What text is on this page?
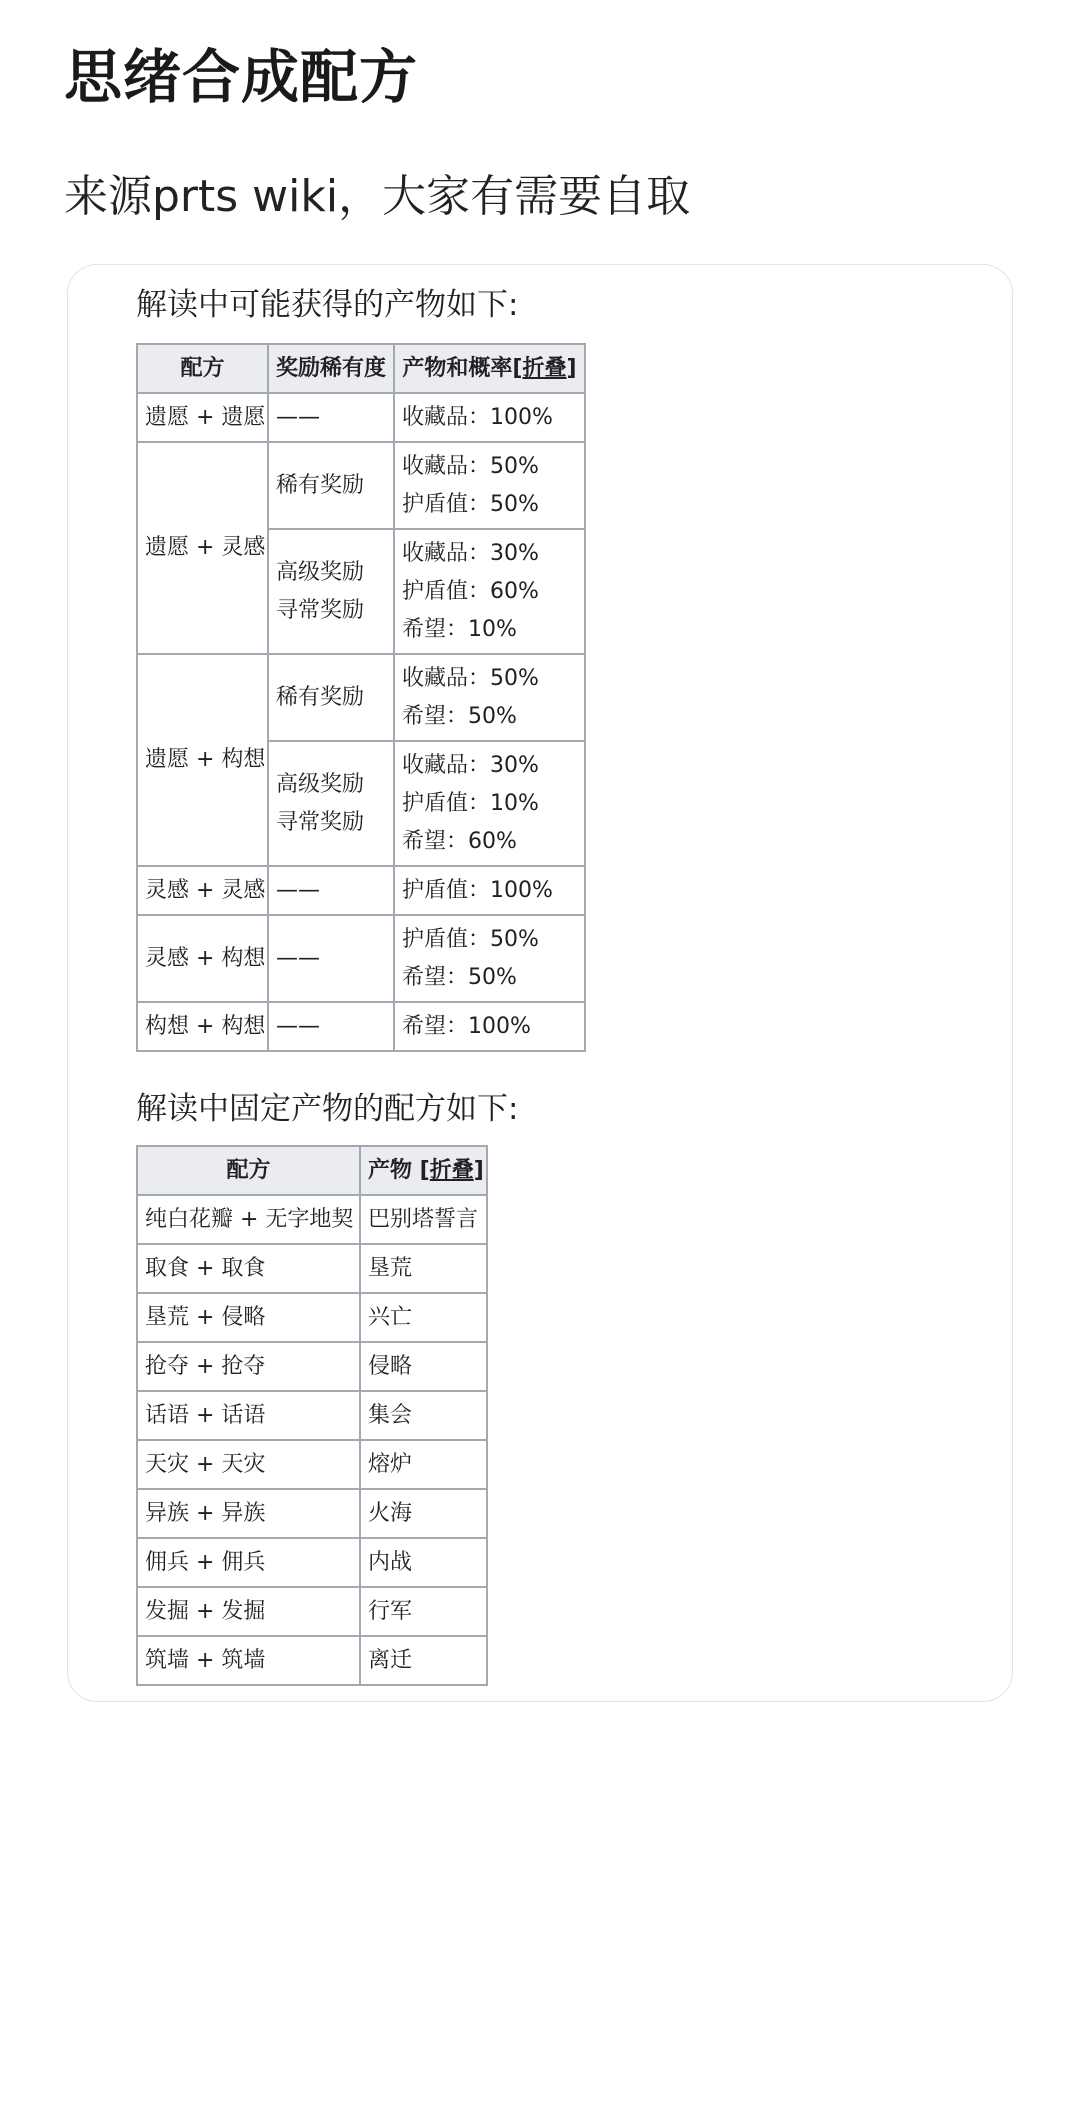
思绪合成配方
来源prts wiki，大家有需要自取
解读中可能获得的产物如下:
配方	奖励稀有度	产物和概率[折叠]
遗愿 + 遗愿	——	收藏品：100%

遗愿 + 灵感	稀有奖励	收藏品：50%
护盾值：50%

	高级奖励
寻常奖励	收藏品：30%
护盾值：60%
希望：10%

遗愿 + 构想	稀有奖励	收藏品：50%
希望：50%

	高级奖励
寻常奖励	收藏品：30%
护盾值：10%
希望：60%

灵感 + 灵感	——	护盾值：100%

灵感 + 构想	——	护盾值：50%
希望：50%

构想 + 构想	——	希望：100%
解读中固定产物的配方如下:
配方	产物 [折叠]
纯白花瓣 + 无字地契	巴别塔誓言
取食 + 取食	垦荒
垦荒 + 侵略	兴亡
抢夺 + 抢夺	侵略
话语 + 话语	集会
天灾 + 天灾	熔炉
异族 + 异族	火海
佣兵 + 佣兵	内战
发掘 + 发掘	行军
筑墙 + 筑墙	离迁
